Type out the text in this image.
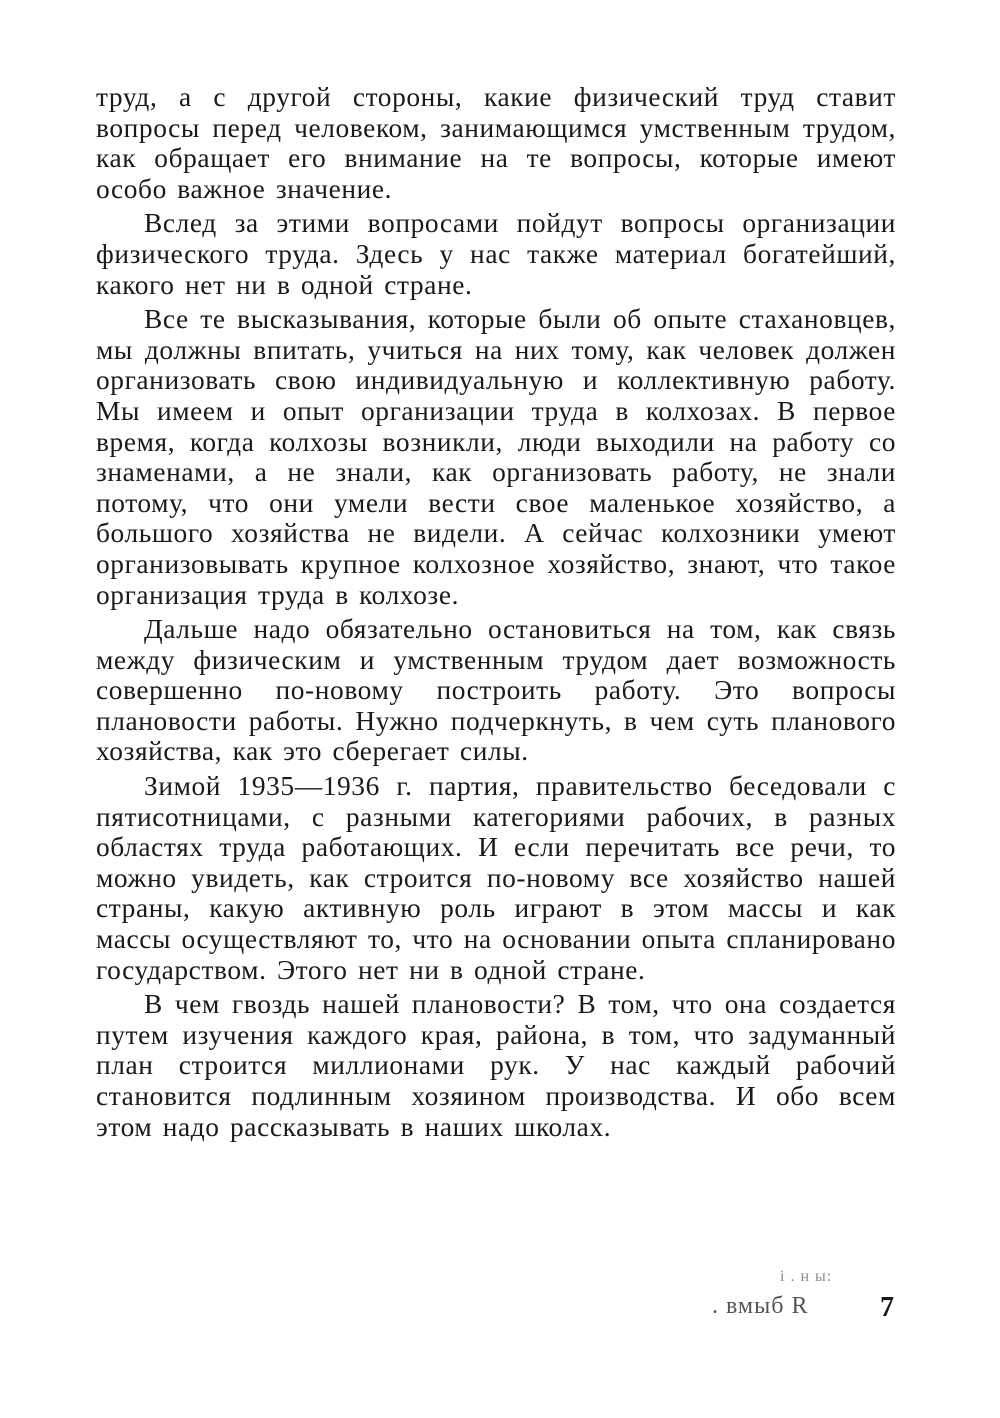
труд, а с другой стороны, какие физический труд ставит вопросы перед человеком, занимающимся умственным трудом, как обращает его внимание на те вопросы, которые имеют особо важное значение.

Вслед за этими вопросами пойдут вопросы организации физического труда. Здесь у нас также материал богатейший, какого нет ни в одной стране.

Все те высказывания, которые были об опыте стахановцев, мы должны впитать, учиться на них тому, как человек должен организовать свою индивидуальную и коллективную работу. Мы имеем и опыт организации труда в колхозах. В первое время, когда колхозы возникли, люди выходили на работу со знаменами, а не знали, как организовать работу, не знали потому, что они умели вести свое маленькое хозяйство, а большого хозяйства не видели. А сейчас колхозники умеют организовывать крупное колхозное хозяйство, знают, что такое организация труда в колхозе.

Дальше надо обязательно остановиться на том, как связь между физическим и умственным трудом дает возможность совершенно по-новому построить работу. Это вопросы плановости работы. Нужно подчеркнуть, в чем суть планового хозяйства, как это сберегает силы.

Зимой 1935—1936 г. партия, правительство беседовали с пятисотницами, с разными категориями рабочих, в разных областях труда работающих. И если перечитать все речи, то можно увидеть, как строится по-новому все хозяйство нашей страны, какую активную роль играют в этом массы и как массы осуществляют то, что на основании опыта спланировано государством. Этого нет ни в одной стране.

В чем гвоздь нашей плановости? В том, что она создается путем изучения каждого края, района, в том, что задуманный план строится миллионами рук. У нас каждый рабочий становится подлинным хозяином производства. И обо всем этом надо рассказывать в наших школах.

і . н ы:
. вмыб R	7
